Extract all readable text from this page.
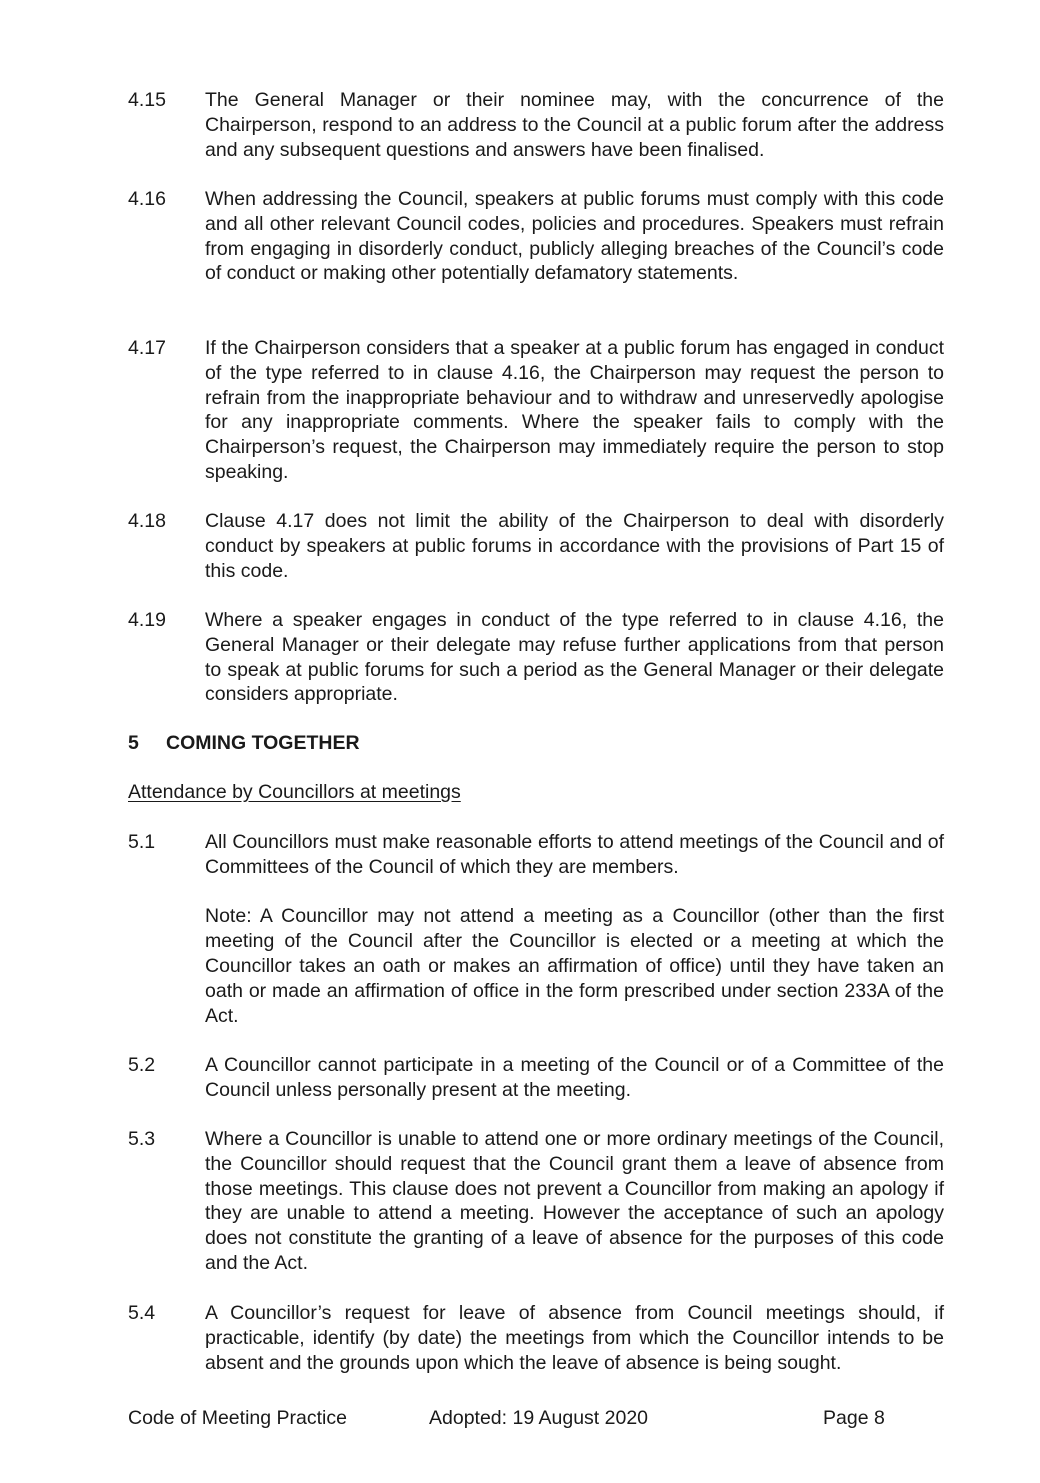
4.15	The General Manager or their nominee may, with the concurrence of the Chairperson, respond to an address to the Council at a public forum after the address and any subsequent questions and answers have been finalised.
4.16	When addressing the Council, speakers at public forums must comply with this code and all other relevant Council codes, policies and procedures. Speakers must refrain from engaging in disorderly conduct, publicly alleging breaches of the Council’s code of conduct or making other potentially defamatory statements.
4.17	If the Chairperson considers that a speaker at a public forum has engaged in conduct of the type referred to in clause 4.16, the Chairperson may request the person to refrain from the inappropriate behaviour and to withdraw and unreservedly apologise for any inappropriate comments. Where the speaker fails to comply with the Chairperson’s request, the Chairperson may immediately require the person to stop speaking.
4.18	Clause 4.17 does not limit the ability of the Chairperson to deal with disorderly conduct by speakers at public forums in accordance with the provisions of Part 15 of this code.
4.19	Where a speaker engages in conduct of the type referred to in clause 4.16, the General Manager or their delegate may refuse further applications from that person to speak at public forums for such a period as the General Manager or their delegate considers appropriate.
5 COMING TOGETHER
Attendance by Councillors at meetings
5.1	All Councillors must make reasonable efforts to attend meetings of the Council and of Committees of the Council of which they are members.
Note: A Councillor may not attend a meeting as a Councillor (other than the first meeting of the Council after the Councillor is elected or a meeting at which the Councillor takes an oath or makes an affirmation of office) until they have taken an oath or made an affirmation of office in the form prescribed under section 233A of the Act.
5.2	A Councillor cannot participate in a meeting of the Council or of a Committee of the Council unless personally present at the meeting.
5.3	Where a Councillor is unable to attend one or more ordinary meetings of the Council, the Councillor should request that the Council grant them a leave of absence from those meetings. This clause does not prevent a Councillor from making an apology if they are unable to attend a meeting. However the acceptance of such an apology does not constitute the granting of a leave of absence for the purposes of this code and the Act.
5.4	A Councillor’s request for leave of absence from Council meetings should, if practicable, identify (by date) the meetings from which the Councillor intends to be absent and the grounds upon which the leave of absence is being sought.
Code of Meeting Practice	Adopted: 19 August 2020	Page 8
